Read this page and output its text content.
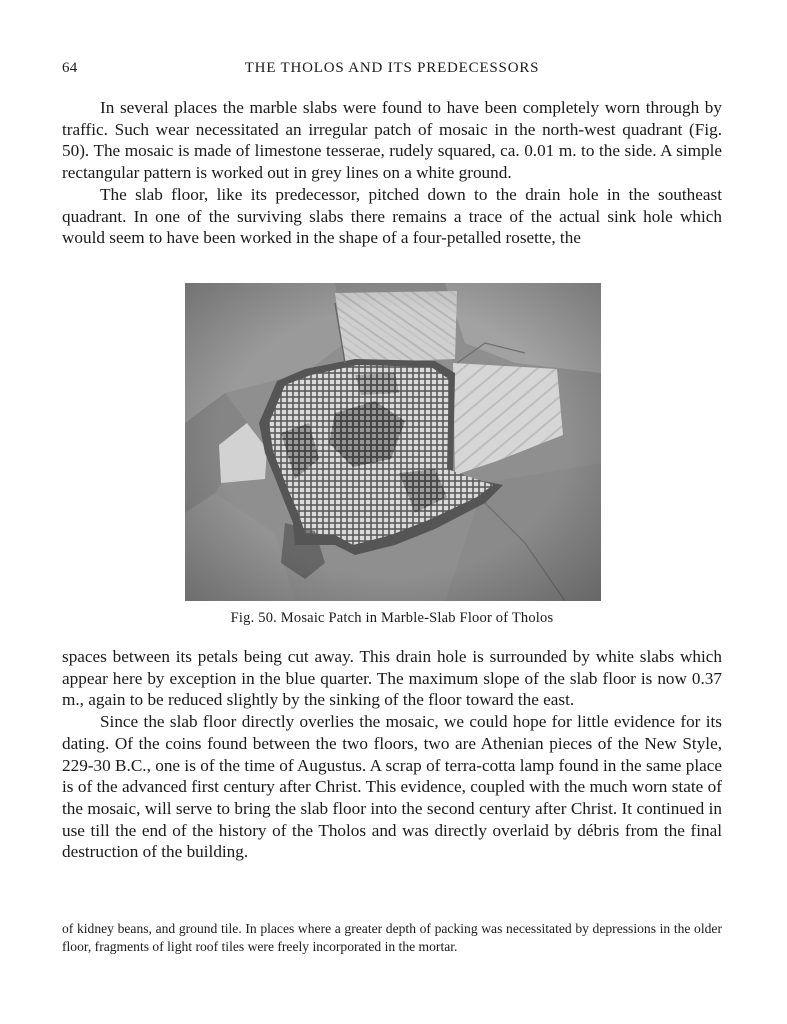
64	THE THOLOS AND ITS PREDECESSORS

In several places the marble slabs were found to have been completely worn through by traffic. Such wear necessitated an irregular patch of mosaic in the north-west quadrant (Fig. 50). The mosaic is made of limestone tesserae, rudely squared, ca. 0.01 m. to the side. A simple rectangular pattern is worked out in grey lines on a white ground.

The slab floor, like its predecessor, pitched down to the drain hole in the southeast quadrant. In one of the surviving slabs there remains a trace of the actual sink hole which would seem to have been worked in the shape of a four-petalled rosette, the

Fig. 50. Mosaic Patch in Marble-Slab Floor of Tholos

spaces between its petals being cut away. This drain hole is surrounded by white slabs which appear here by exception in the blue quarter. The maximum slope of the slab floor is now 0.37 m., again to be reduced slightly by the sinking of the floor toward the east.

Since the slab floor directly overlies the mosaic, we could hope for little evidence for its dating. Of the coins found between the two floors, two are Athenian pieces of the New Style, 229-30 B.C., one is of the time of Augustus. A scrap of terra-cotta lamp found in the same place is of the advanced first century after Christ. This evidence, coupled with the much worn state of the mosaic, will serve to bring the slab floor into the second century after Christ. It continued in use till the end of the history of the Tholos and was directly overlaid by débris from the final destruction of the building.

of kidney beans, and ground tile. In places where a greater depth of packing was necessitated by depressions in the older floor, fragments of light roof tiles were freely incorporated in the mortar.
